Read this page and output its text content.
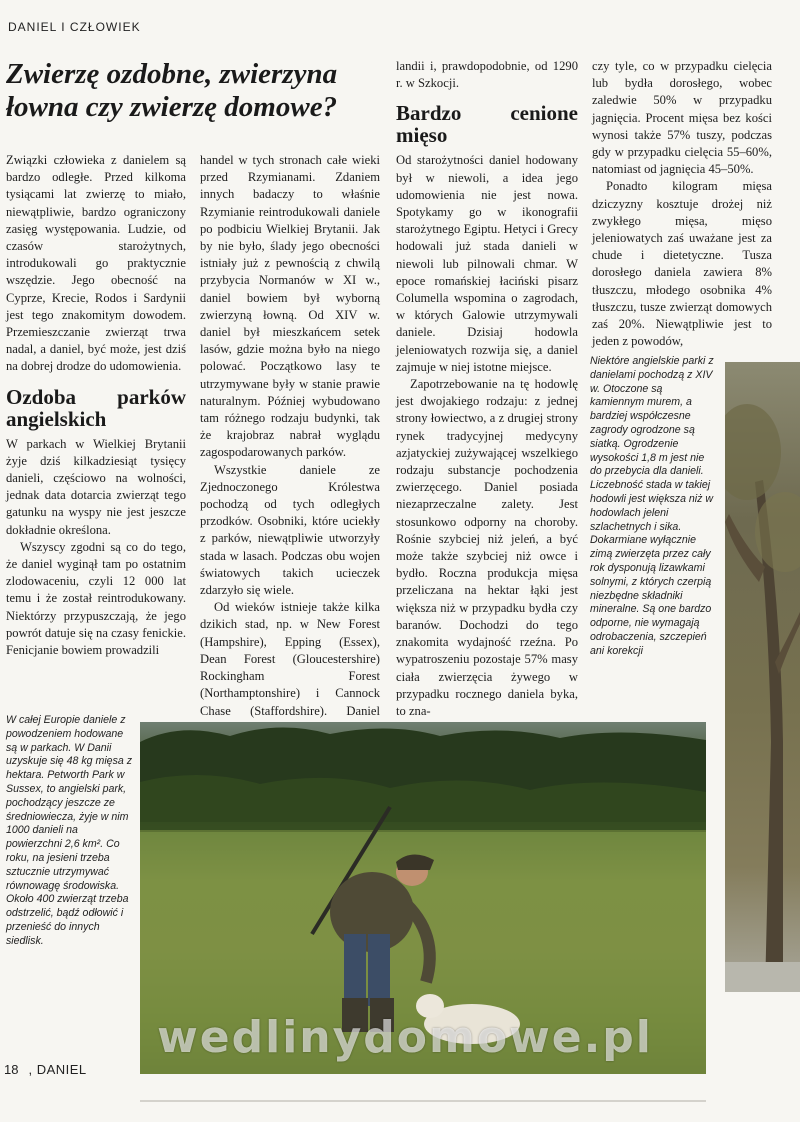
DANIEL I CZŁOWIEK
Zwierzę ozdobne, zwierzyna łowna czy zwierzę domowe?

Związki człowieka z danielem są bardzo odległe. Przed kilkoma tysiącami lat zwierzę to miało, niewątpliwie, bardzo ograniczony zasięg występowania. Ludzie, od czasów starożytnych, introdukowali go praktycznie wszędzie. Jego obecność na Cyprze, Krecie, Rodos i Sardynii jest tego znakomitym dowodem. Przemieszczanie zwierząt trwa nadal, a daniel, być może, jest dziś na dobrej drodze do udomowienia.

Ozdoba parków angielskich

W parkach w Wielkiej Brytanii żyje dziś kilkadziesiąt tysięcy danieli, częściowo na wolności, jednak data dotarcia zwierząt tego gatunku na wyspy nie jest jeszcze dokładnie określona.

Wszyscy zgodni są co do tego, że daniel wyginął tam po ostatnim zlodowaceniu, czyli 12 000 lat temu i że został reintrodukowany. Niektórzy przypuszczają, że jego powrót datuje się na czasy fenickie. Fenicjanie bowiem prowadzili

handel w tych stronach całe wieki przed Rzymianami. Zdaniem innych badaczy to właśnie Rzymianie reintrodukowali daniele po podbiciu Wielkiej Brytanii. Jak by nie było, ślady jego obecności istniały już z pewnością z chwilą przybycia Normanów w XI w., daniel bowiem był wyborną zwierzyną łowną. Od XIV w. daniel był mieszkańcem setek lasów, gdzie można było na niego polować. Początkowo lasy te utrzymywane były w stanie prawie naturalnym. Później wybudowano tam różnego rodzaju budynki, tak że krajobraz nabrał wyglądu zagospodarowanych parków.

Wszystkie daniele ze Zjednoczonego Królestwa pochodzą od tych odległych przodków. Osobniki, które uciekły z parków, niewątpliwie utworzyły stada w lasach. Podczas obu wojen światowych takich ucieczek zdarzyło się wiele.

Od wieków istnieje także kilka dzikich stad, np. w New Forest (Hampshire), Epping (Essex), Dean Forest (Gloucestershire) Rockingham Forest (Northamptonshire) i Cannock Chase (Staffordshire). Daniel

landii i, prawdopodobnie, od 1290 r. w Szkocji.

Bardzo cenione mięso

Od starożytności daniel hodowany był w niewoli, a idea jego udomowienia nie jest nowa. Spotykamy go w ikonografii starożytnego Egiptu. Hetyci i Grecy hodowali już stada danieli w niewoli lub pilnowali chmar. W epoce romańskiej łaciński pisarz Columella wspomina o zagrodach, w których Galowie utrzymywali daniele. Dzisiaj hodowla jeleniowatych rozwija się, a daniel zajmuje w niej istotne miejsce.

Zapotrzebowanie na tę hodowlę jest dwojakiego rodzaju: z jednej strony łowiectwo, a z drugiej strony rynek tradycyjnej medycyny azjatyckiej zużywającej wszelkiego rodzaju substancje pochodzenia zwierzęcego. Daniel posiada niezaprzeczalne zalety. Jest stosunkowo odporny na choroby. Rośnie szybciej niż jeleń, a być może także szybciej niż owce i bydło. Roczna produkcja mięsa przeliczana na hektar łąki jest większa niż w przypadku bydła czy baranów. Dochodzi do tego znakomita wydajność rzeźna. Po wypatroszeniu pozostaje 57% masy ciała zwierzęcia żywego w przypadku rocznego daniela byka, to zna-

czy tyle, co w przypadku cielęcia lub bydła dorosłego, wobec zaledwie 50% w przypadku jagnięcia. Procent mięsa bez kości wynosi także 57% tuszy, podczas gdy w przypadku cielęcia 55–60%, natomiast od jagnięcia 45–50%.

Ponadto kilogram mięsa dziczyzny kosztuje drożej niż zwykłego mięsa, mięso jeleniowatych zaś uważane jest za chude i dietetyczne. Tusza dorosłego daniela zawiera 8% tłuszczu, młodego osobnika 4% tłuszczu, tusze zwierząt domowych zaś 20%. Niewątpliwie jest to jeden z powodów,

Niektóre angielskie parki z danielami pochodzą z XIV w. Otoczone są kamiennym murem, a bardziej współczesne zagrody ogrodzone są siatką. Ogrodzenie wysokości 1,8 m jest nie do przebycia dla danieli. Liczebność stada w takiej hodowli jest większa niż w hodowlach jeleni szlachetnych i sika.

Dokarmiane wyłącznie zimą zwierzęta przez cały rok dysponują lizawkami solnymi, z których czerpią niezbędne składniki mineralne. Są one bardzo odporne, nie wymagają odrobaczenia, szczepień ani korekcji

W całej Europie daniele z powodzeniem hodowane są w parkach. W Danii uzyskuje się 48 kg mięsa z hektara. Petworth Park w Sussex, to angielski park, pochodzący jeszcze ze średniowiecza, żyje w nim 1000 danieli na powierzchni 2,6 km². Co roku, na jesieni trzeba sztucznie utrzymywać równowagę środowiska. Około 400 zwierząt trzeba odstrzelić, bądź odłowić i przenieść do innych siedlisk.

wedlinydomowe.pl
18 , DANIEL
